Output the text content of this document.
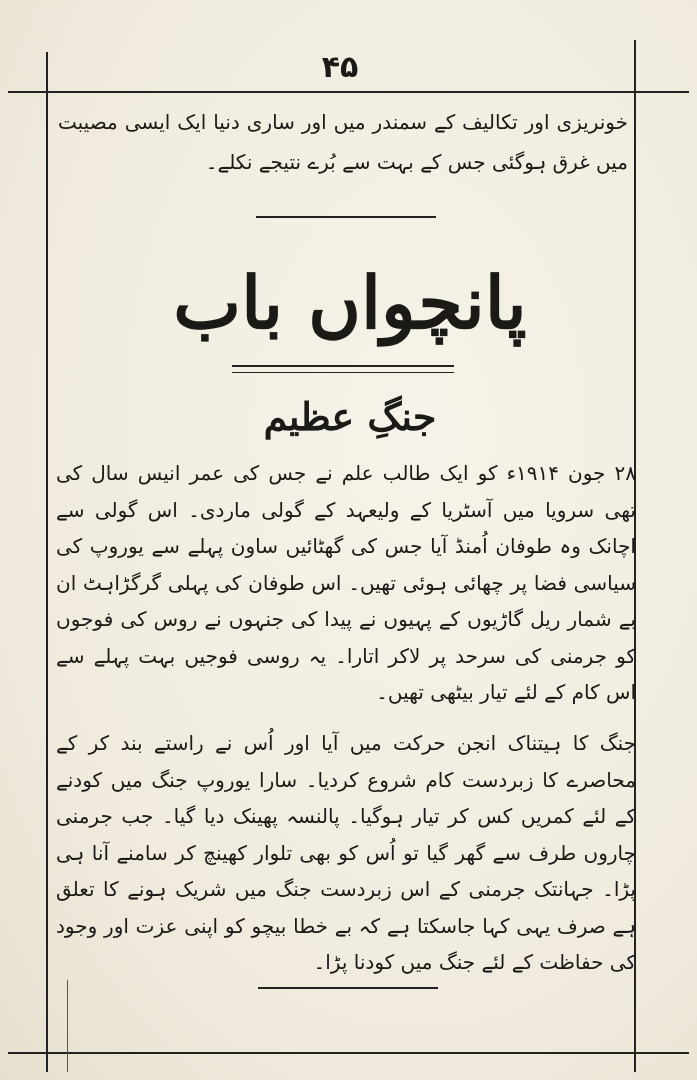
۴۵
خونریزی اور تکالیف کے سمندر میں اور ساری دنیا ایک ایسی مصیبت میں غرق ہوگئی جس کے بہت سے بُرے نتیجے نکلے۔
پانچواں باب
جنگِ عظیم
۲۸ جون ۱۹۱۴ء کو ایک طالب علم نے جس کی عمر انیس سال کی تھی سرویا میں آسٹریا کے ولیعہد کے گولی ماردی۔ اس گولی سے اچانک وہ طوفان اُمنڈ آیا جس کی گھٹائیں ساون پہلے سے یوروپ کی سیاسی فضا پر چھائی ہوئی تھیں۔ اس طوفان کی پہلی گرگڑاہٹ ان بے شمار ریل گاڑیوں کے پہیوں نے پیدا کی جنہوں نے روس کی فوجوں کو جرمنی کی سرحد پر لاکر اتارا۔ یہ روسی فوجیں بہت پہلے سے اس کام کے لئے تیار بیٹھی تھیں۔
جنگ کا ہیتناک انجن حرکت میں آیا اور اُس نے راستے بند کر کے محاصرے کا زبردست کام شروع کردیا۔ سارا یوروپ جنگ میں کودنے کے لئے کمریں کس کر تیار ہوگیا۔ پالنسہ پھینک دیا گیا۔ جب جرمنی چاروں طرف سے گھر گیا تو اُس کو بھی تلوار کھینچ کر سامنے آنا ہی پڑا۔ جہانتک جرمنی کے اس زبردست جنگ میں شریک ہونے کا تعلق ہے صرف یہی کہا جاسکتا ہے کہ بے خطا بیچو کو اپنی عزت اور وجود کی حفاظت کے لئے جنگ میں کودنا پڑا۔
